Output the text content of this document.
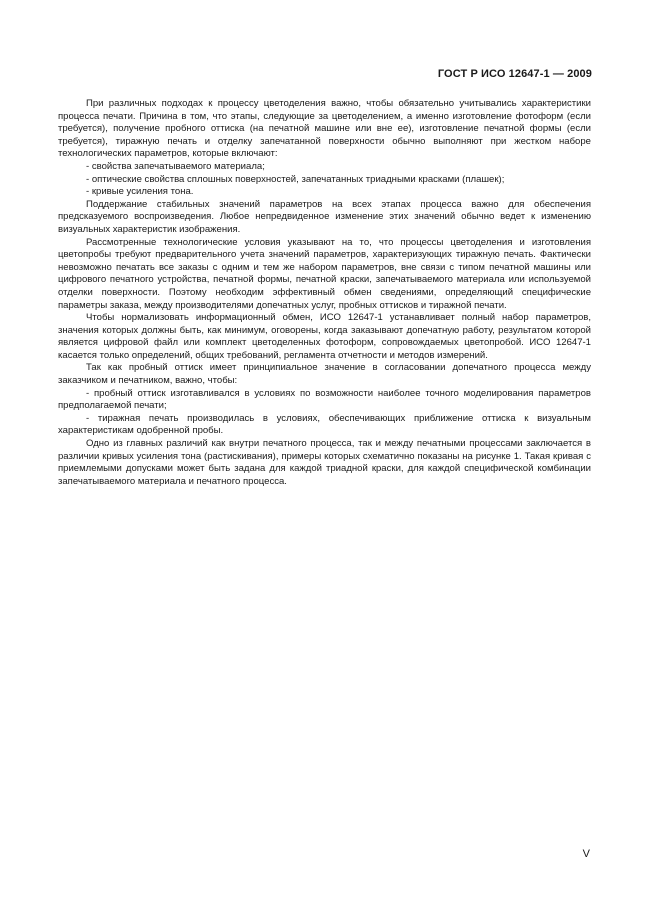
ГОСТ Р ИСО 12647-1 — 2009

При различных подходах к процессу цветоделения важно, чтобы обязательно учитывались характеристики процесса печати. Причина в том, что этапы, следующие за цветоделением, а именно изготовление фотоформ (если требуется), получение пробного оттиска (на печатной машине или вне ее), изготовление печатной формы (если требуется), тиражную печать и отделку запечатанной поверхности обычно выполняют при жестком наборе технологических параметров, которые включают:

- свойства запечатываемого материала;

- оптические свойства сплошных поверхностей, запечатанных триадными красками (плашек);

- кривые усиления тона.

Поддержание стабильных значений параметров на всех этапах процесса важно для обеспечения предсказуемого воспроизведения. Любое непредвиденное изменение этих значений обычно ведет к изменению визуальных характеристик изображения.

Рассмотренные технологические условия указывают на то, что процессы цветоделения и изготовления цветопробы требуют предварительного учета значений параметров, характеризующих тиражную печать. Фактически невозможно печатать все заказы с одним и тем же набором параметров, вне связи с типом печатной машины или цифрового печатного устройства, печатной формы, печатной краски, запечатываемого материала или используемой отделки поверхности. Поэтому необходим эффективный обмен сведениями, определяющий специфические параметры заказа, между производителями допечатных услуг, пробных оттисков и тиражной печати.

Чтобы нормализовать информационный обмен, ИСО 12647-1 устанавливает полный набор параметров, значения которых должны быть, как минимум, оговорены, когда заказывают допечатную работу, результатом которой является цифровой файл или комплект цветоделенных фотоформ, сопровождаемых цветопробой. ИСО 12647-1 касается только определений, общих требований, регламента отчетности и методов измерений.

Так как пробный оттиск имеет принципиальное значение в согласовании допечатного процесса между заказчиком и печатником, важно, чтобы:

- пробный оттиск изготавливался в условиях по возможности наиболее точного моделирования параметров предполагаемой печати;

- тиражная печать производилась в условиях, обеспечивающих приближение оттиска к визуальным характеристикам одобренной пробы.

Одно из главных различий как внутри печатного процесса, так и между печатными процессами заключается в различии кривых усиления тона (растискивания), примеры которых схематично показаны на рисунке 1. Такая кривая с приемлемыми допусками может быть задана для каждой триадной краски, для каждой специфической комбинации запечатываемого материала и печатного процесса.

V
